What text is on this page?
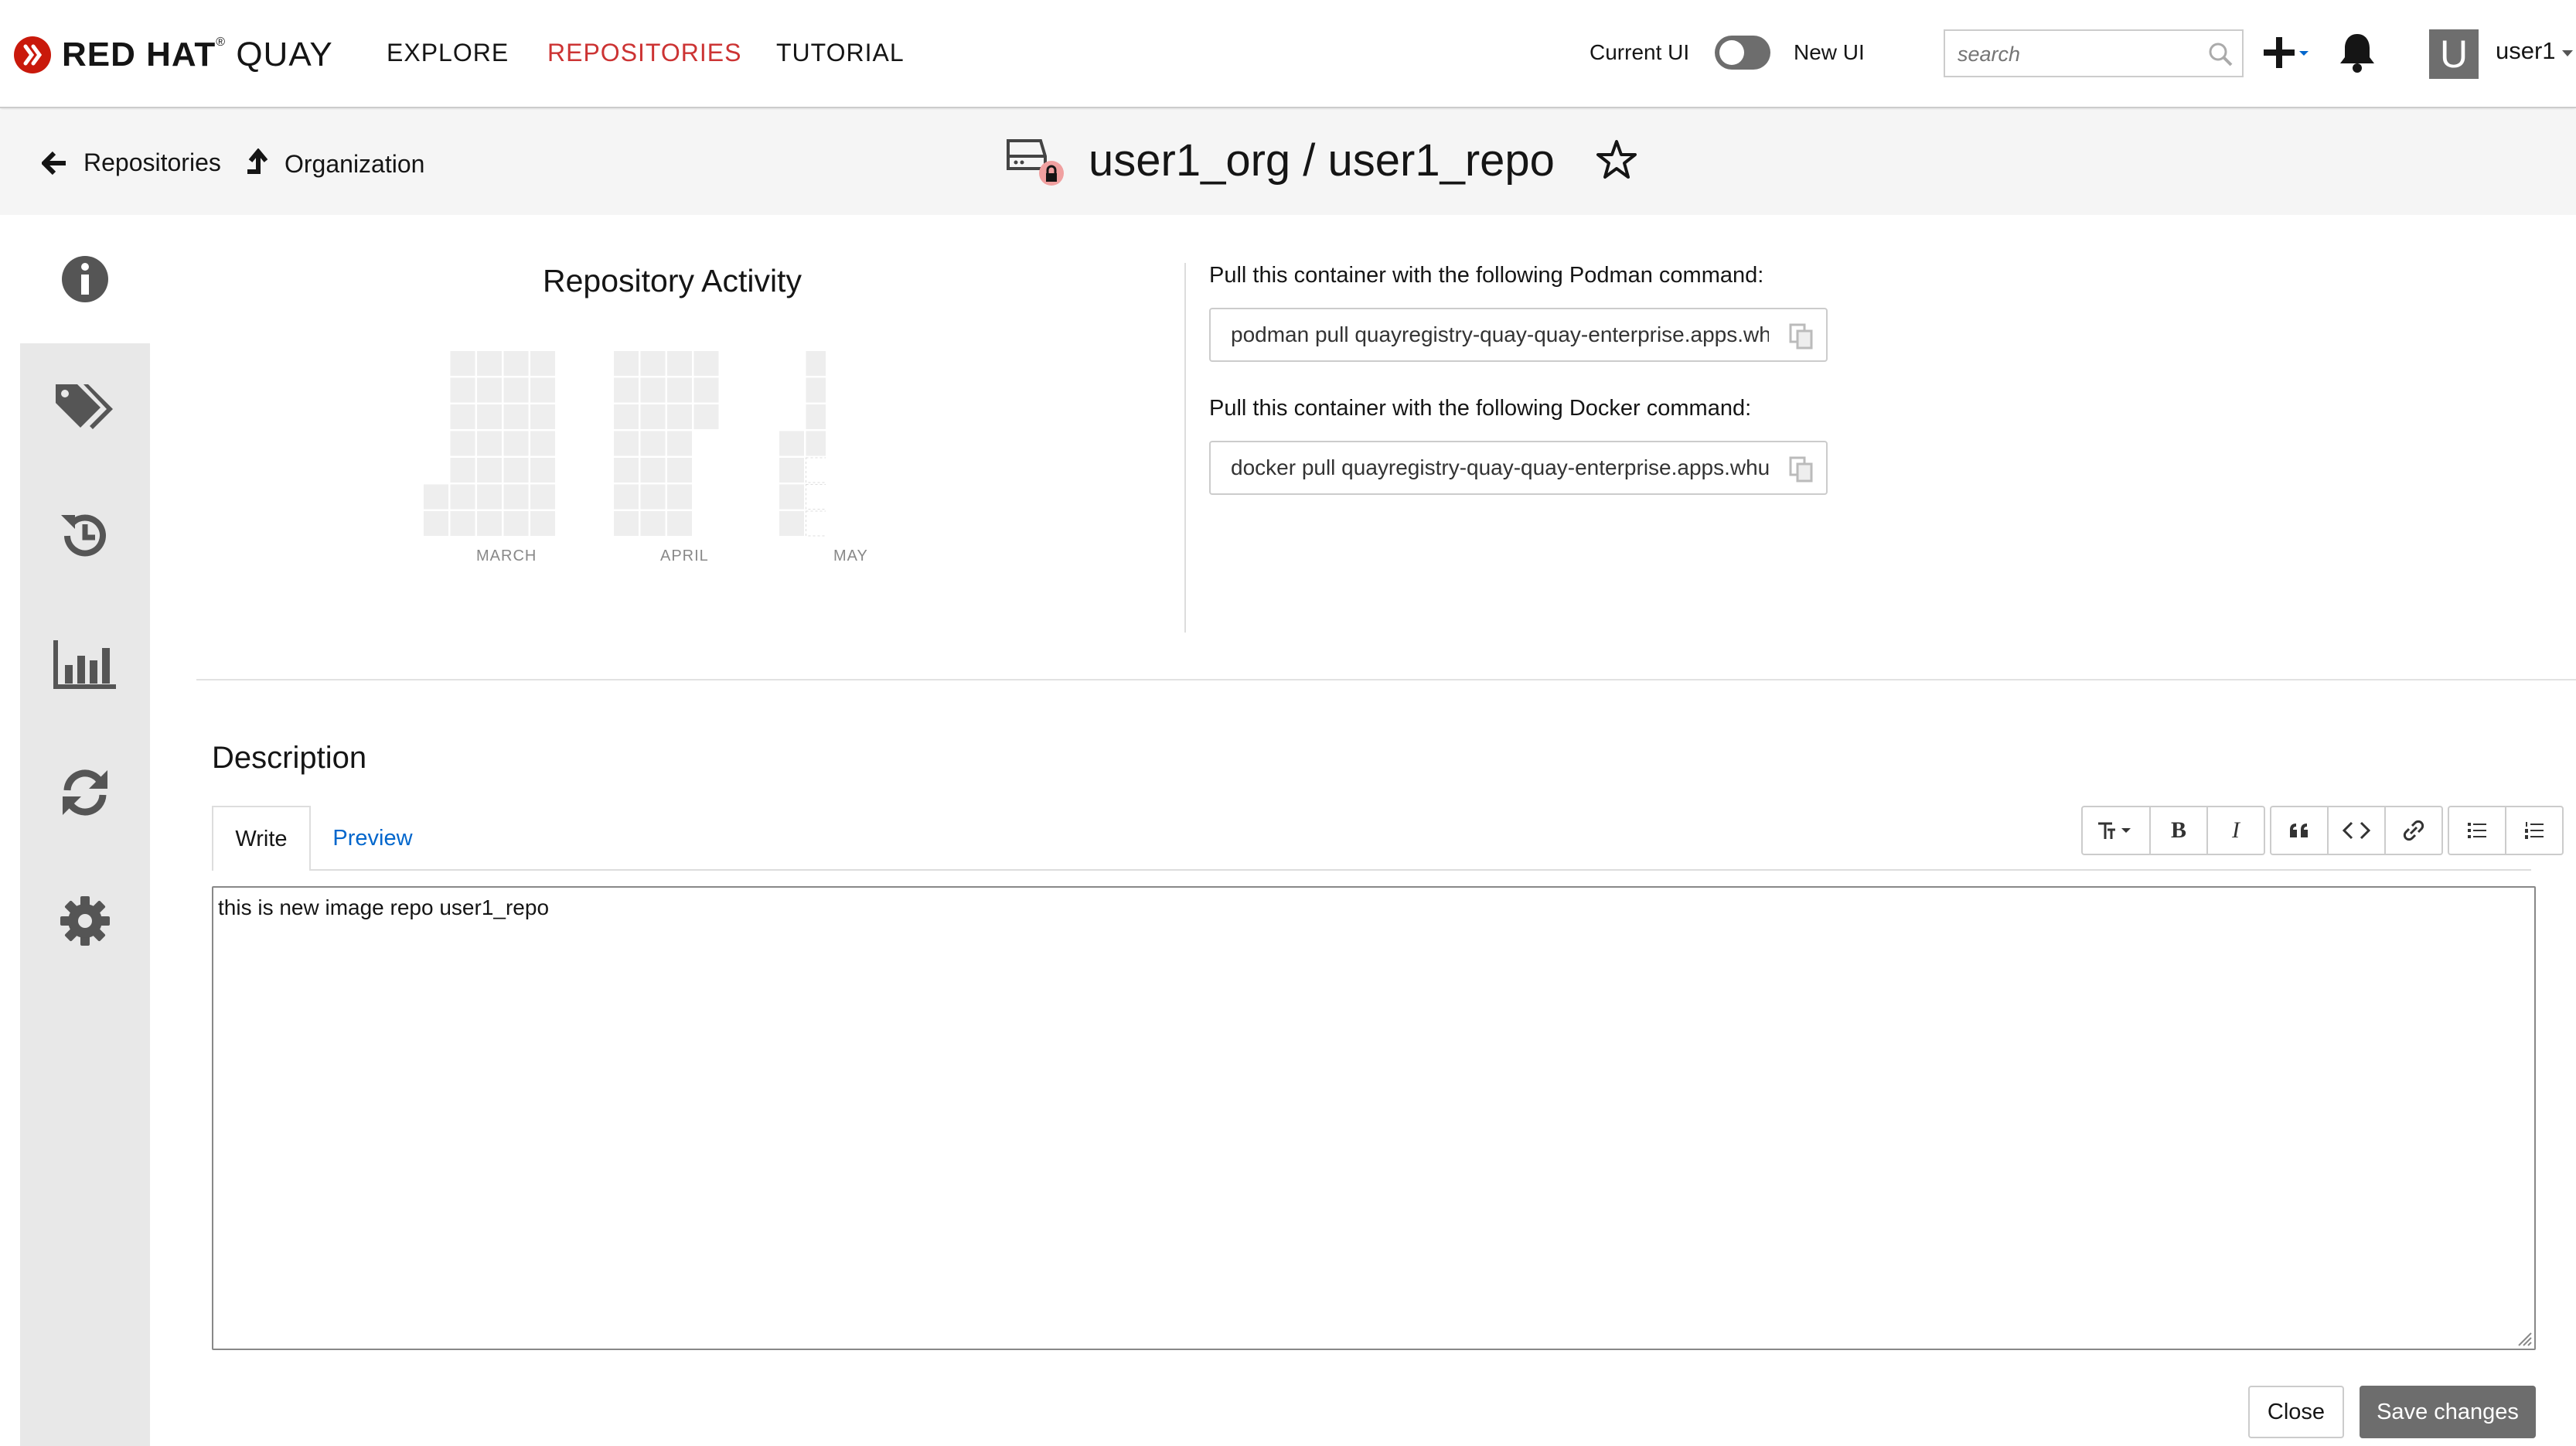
RED HAT® QUAY EXPLORE REPOSITORIES TUTORIAL	Current UI	New UI
search	U	user1
Repositories	Organization	user1_org / user1_repo
Repository Activity
MARCH	APRIL	MAY
Pull this container with the following Podman command:
podman pull quayregistry-quay-quay-enterprise.apps.whu4
Pull this container with the following Docker command:
docker pull quayregistry-quay-quay-enterprise.apps.whu4
Description
Write	Preview	B I
this is new image repo user1_repo
Close	Save changes
